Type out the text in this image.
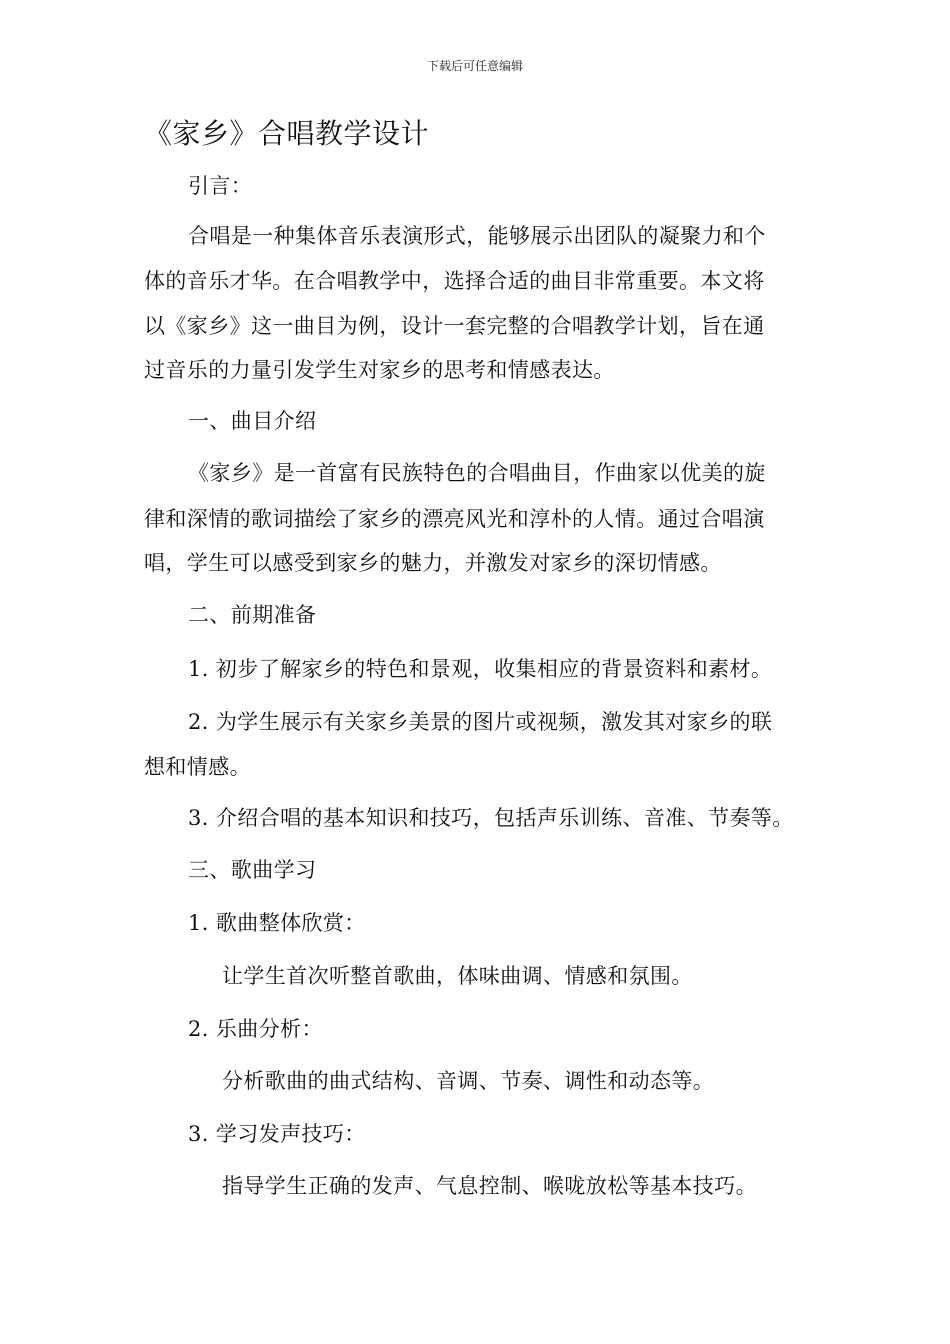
下载后可任意编辑
《家乡》合唱教学设计
引言：
合唱是一种集体音乐表演形式，能够展示出团队的凝聚力和个
体的音乐才华。在合唱教学中，选择合适的曲目非常重要。本文将
以《家乡》这一曲目为例，设计一套完整的合唱教学计划，旨在通
过音乐的力量引发学生对家乡的思考和情感表达。
一、曲目介绍
《家乡》是一首富有民族特色的合唱曲目，作曲家以优美的旋
律和深情的歌词描绘了家乡的漂亮风光和淳朴的人情。通过合唱演
唱，学生可以感受到家乡的魅力，并激发对家乡的深切情感。
二、前期准备
1. 初步了解家乡的特色和景观，收集相应的背景资料和素材。
2. 为学生展示有关家乡美景的图片或视频，激发其对家乡的联
想和情感。
3. 介绍合唱的基本知识和技巧，包括声乐训练、音准、节奏等。
三、歌曲学习
1. 歌曲整体欣赏：
让学生首次听整首歌曲，体味曲调、情感和氛围。
2. 乐曲分析：
分析歌曲的曲式结构、音调、节奏、调性和动态等。
3. 学习发声技巧：
指导学生正确的发声、气息控制、喉咙放松等基本技巧。
